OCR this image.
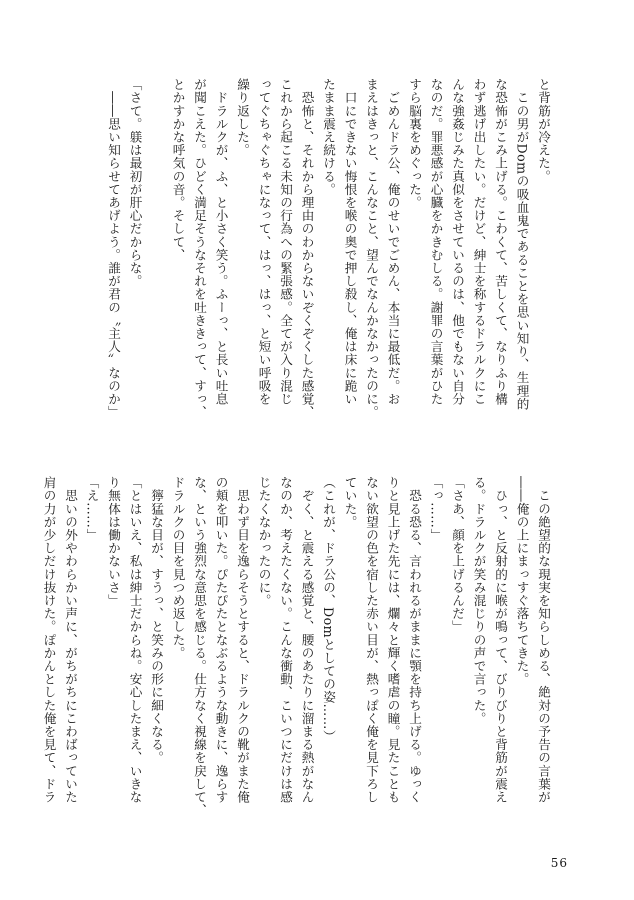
と背筋が冷えた。
　この男がDomの吸血鬼であることを思い知り、生理的
な恐怖がこみ上げる。こわくて、苦しくて、なりふり構
わず逃げ出したい。だけど、紳士を称するドラルクにこ
んな強姦じみた真似をさせているのは、他でもない自分
なのだ。罪悪感が心臓をかきむしる。謝罪の言葉がひた
すら脳裏をめぐった。
　ごめんドラ公、俺のせいでごめん、本当に最低だ。お
まえはきっと、こんなこと、望んでなんかなかったのに。
　口にできない悔恨を喉の奥で押し殺し、俺は床に跪い
たまま震え続ける。
　恐怖と、それから理由のわからないぞくぞくした感覚、
これから起こる未知の行為への緊張感。全てが入り混じ
ってぐちゃぐちゃになって、はっ、はっ、と短い呼吸を
繰り返した。
　ドラルクが、ふ、と小さく笑う。ふーっ、と長い吐息
が聞こえた。ひどく満足そうなそれを吐ききって、すっ、
とかすかな呼気の音。そして、

「さて。躾は最初が肝心だからな。
　――思い知らせてあげよう。誰が君の〝主人〟なのか」
　この絶望的な現実を知らしめる、絶対の予告の言葉が
――俺の上にまっすぐ落ちてきた。
　ひっ、と反射的に喉が鳴って、びりびりと背筋が震え
る。ドラルクが笑み混じりの声で言った。
「さあ、顔を上げるんだ」
「っ……」
　恐る恐る、言われるがままに顎を持ち上げる。ゆっく
りと見上げた先には、爛々と輝く嗜虐の瞳。見たことも
ない欲望の色を宿した赤い目が、熱っぽく俺を見下ろし
ていた。
（これが、ドラ公の、Domとしての姿……）
　ぞく、と震える感覚と、腰のあたりに溜まる熱がなん
なのか、考えたくない。こんな衝動、こいつにだけは感
じたくなかったのに。
　思わず目を逸らそうとすると、ドラルクの靴がまた俺
の頬を叩いた。ぴたぴたとなぶるような動きに、逸らす
な、という強烈な意思を感じる。仕方なく視線を戻して、
ドラルクの目を見つめ返した。
　獰猛な目が、すうっ、と笑みの形に細くなる。
「とはいえ、私は紳士だからね。安心したまえ、いきな
り無体は働かないさ」
「え……」
　思いの外やわらかい声に、がちがちにこわばっていた
肩の力が少しだけ抜けた。ぽかんとした俺を見て、ドラ
56
